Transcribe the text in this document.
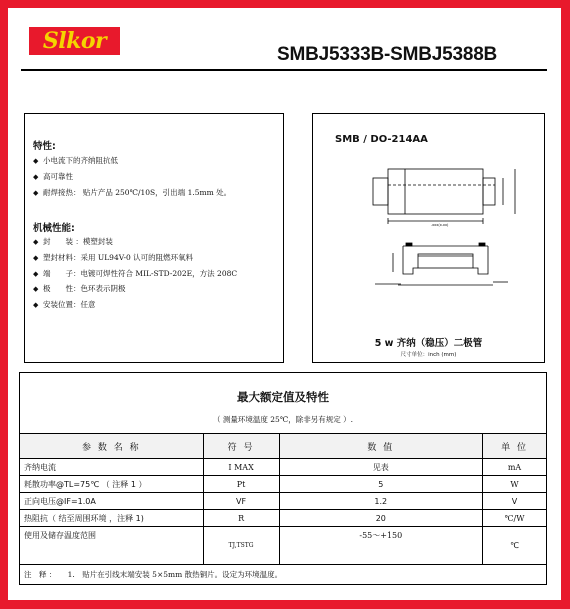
Slkor
SMBJ5333B-SMBJ5388B
特性:
◆ 小电流下的齐纳阻抗低
◆ 高可靠性
◆ 耐焊接热： 贴片产品 250℃/10S，引出端 1.5mm 处。
机械性能:
◆ 封　　装 ：模塑封装
◆ 塑封材料：采用 UL94V-0 认可的阻燃环氧料
◆ 端　　子：电镀可焊性符合 MIL-STD-202E，方法 208C
◆ 极　　性：色环表示阴极
◆ 安装位置：任意
SMB / DO-214AA
.xxx(x.xx)
5 w 齐纳（稳压）二极管
尺寸单位：inch (mm)
最大额定值及特性			
（ 测量环境温度 25℃，除非另有规定 ）.			
参 数 名 称	符 号	数 值	单 位
齐纳电流	I MAX	见表	mA
耗散功率@TL=75℃ （ 注释 1 ）	Pt	5	W
正向电压@IF=1.0A	VF	1.2	V
热阻抗（ 结至周围环境 ，注释 1)	R	20	℃/W
使用及储存温度范围	TJ,TSTG	-55～+150	℃
注　释 ：　　1.　贴片在引线末端安装 5×5mm 散热铜片。设定为环境温度。			
